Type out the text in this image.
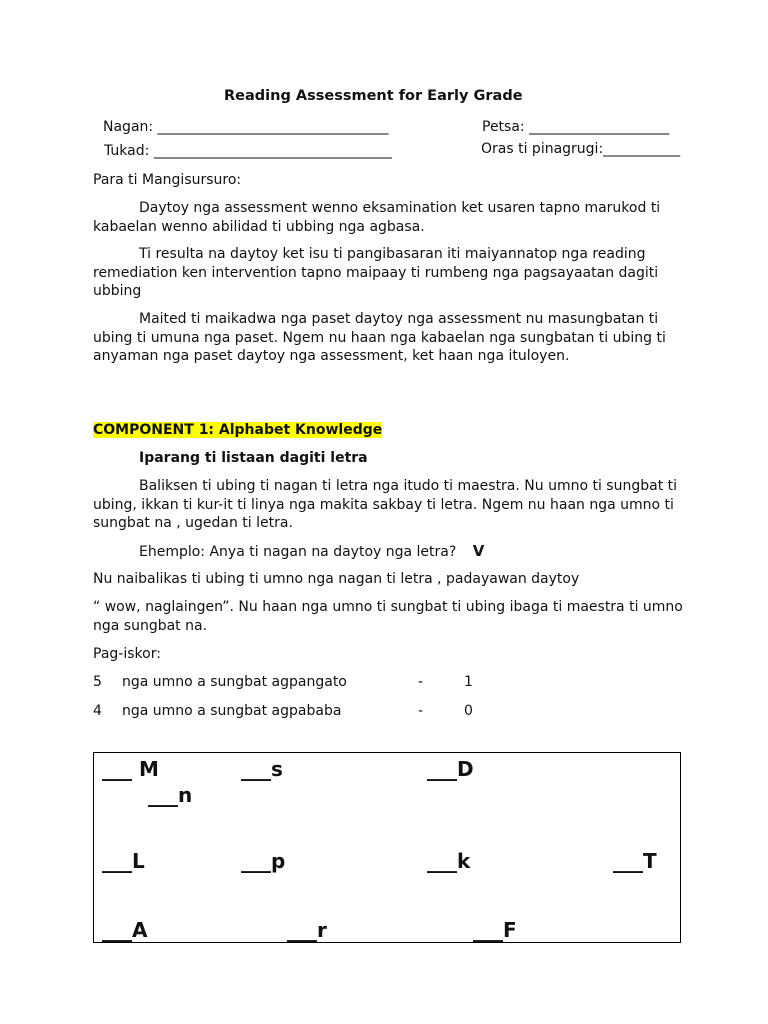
Reading Assessment for Early Grade
Nagan: _________________________________	Petsa: ____________________
Tukad: __________________________________	Oras ti pinagrugi:___________
Para ti Mangisursuro:
Daytoy nga assessment wenno eksamination ket usaren tapno marukod ti kabaelan wenno abilidad ti ubbing nga agbasa.
Ti resulta na daytoy ket isu ti pangibasaran iti maiyannatop nga reading remediation ken intervention tapno maipaay ti rumbeng nga pagsayaatan dagiti ubbing
Maited ti maikadwa nga paset daytoy nga assessment nu masungbatan ti ubing ti umuna nga paset. Ngem nu haan nga kabaelan nga sungbatan ti ubing ti anyaman nga paset daytoy nga assessment, ket haan nga ituloyen.
COMPONENT 1: Alphabet Knowledge
Iparang ti listaan dagiti letra
Baliksen ti ubing ti nagan ti letra nga itudo ti maestra. Nu umno ti sungbat ti ubing, ikkan ti kur-it ti linya nga makita sakbay ti letra. Ngem nu haan nga umno ti sungbat na , ugedan ti letra.
Ehemplo: Anya ti nagan na daytoy nga letra? V
Nu naibalikas ti ubing ti umno nga nagan ti letra , padayawan daytoy
“ wow, naglaingen”. Nu haan nga umno ti sungbat ti ubing ibaga ti maestra ti umno nga sungbat na.
Pag-iskor:
5 nga umno a sungbat agpangato	-	1
4 nga umno a sungbat agpababa	-	0
___ M	___s	___D
___n
___L	___p	___k	___T
___A	___r	___F
